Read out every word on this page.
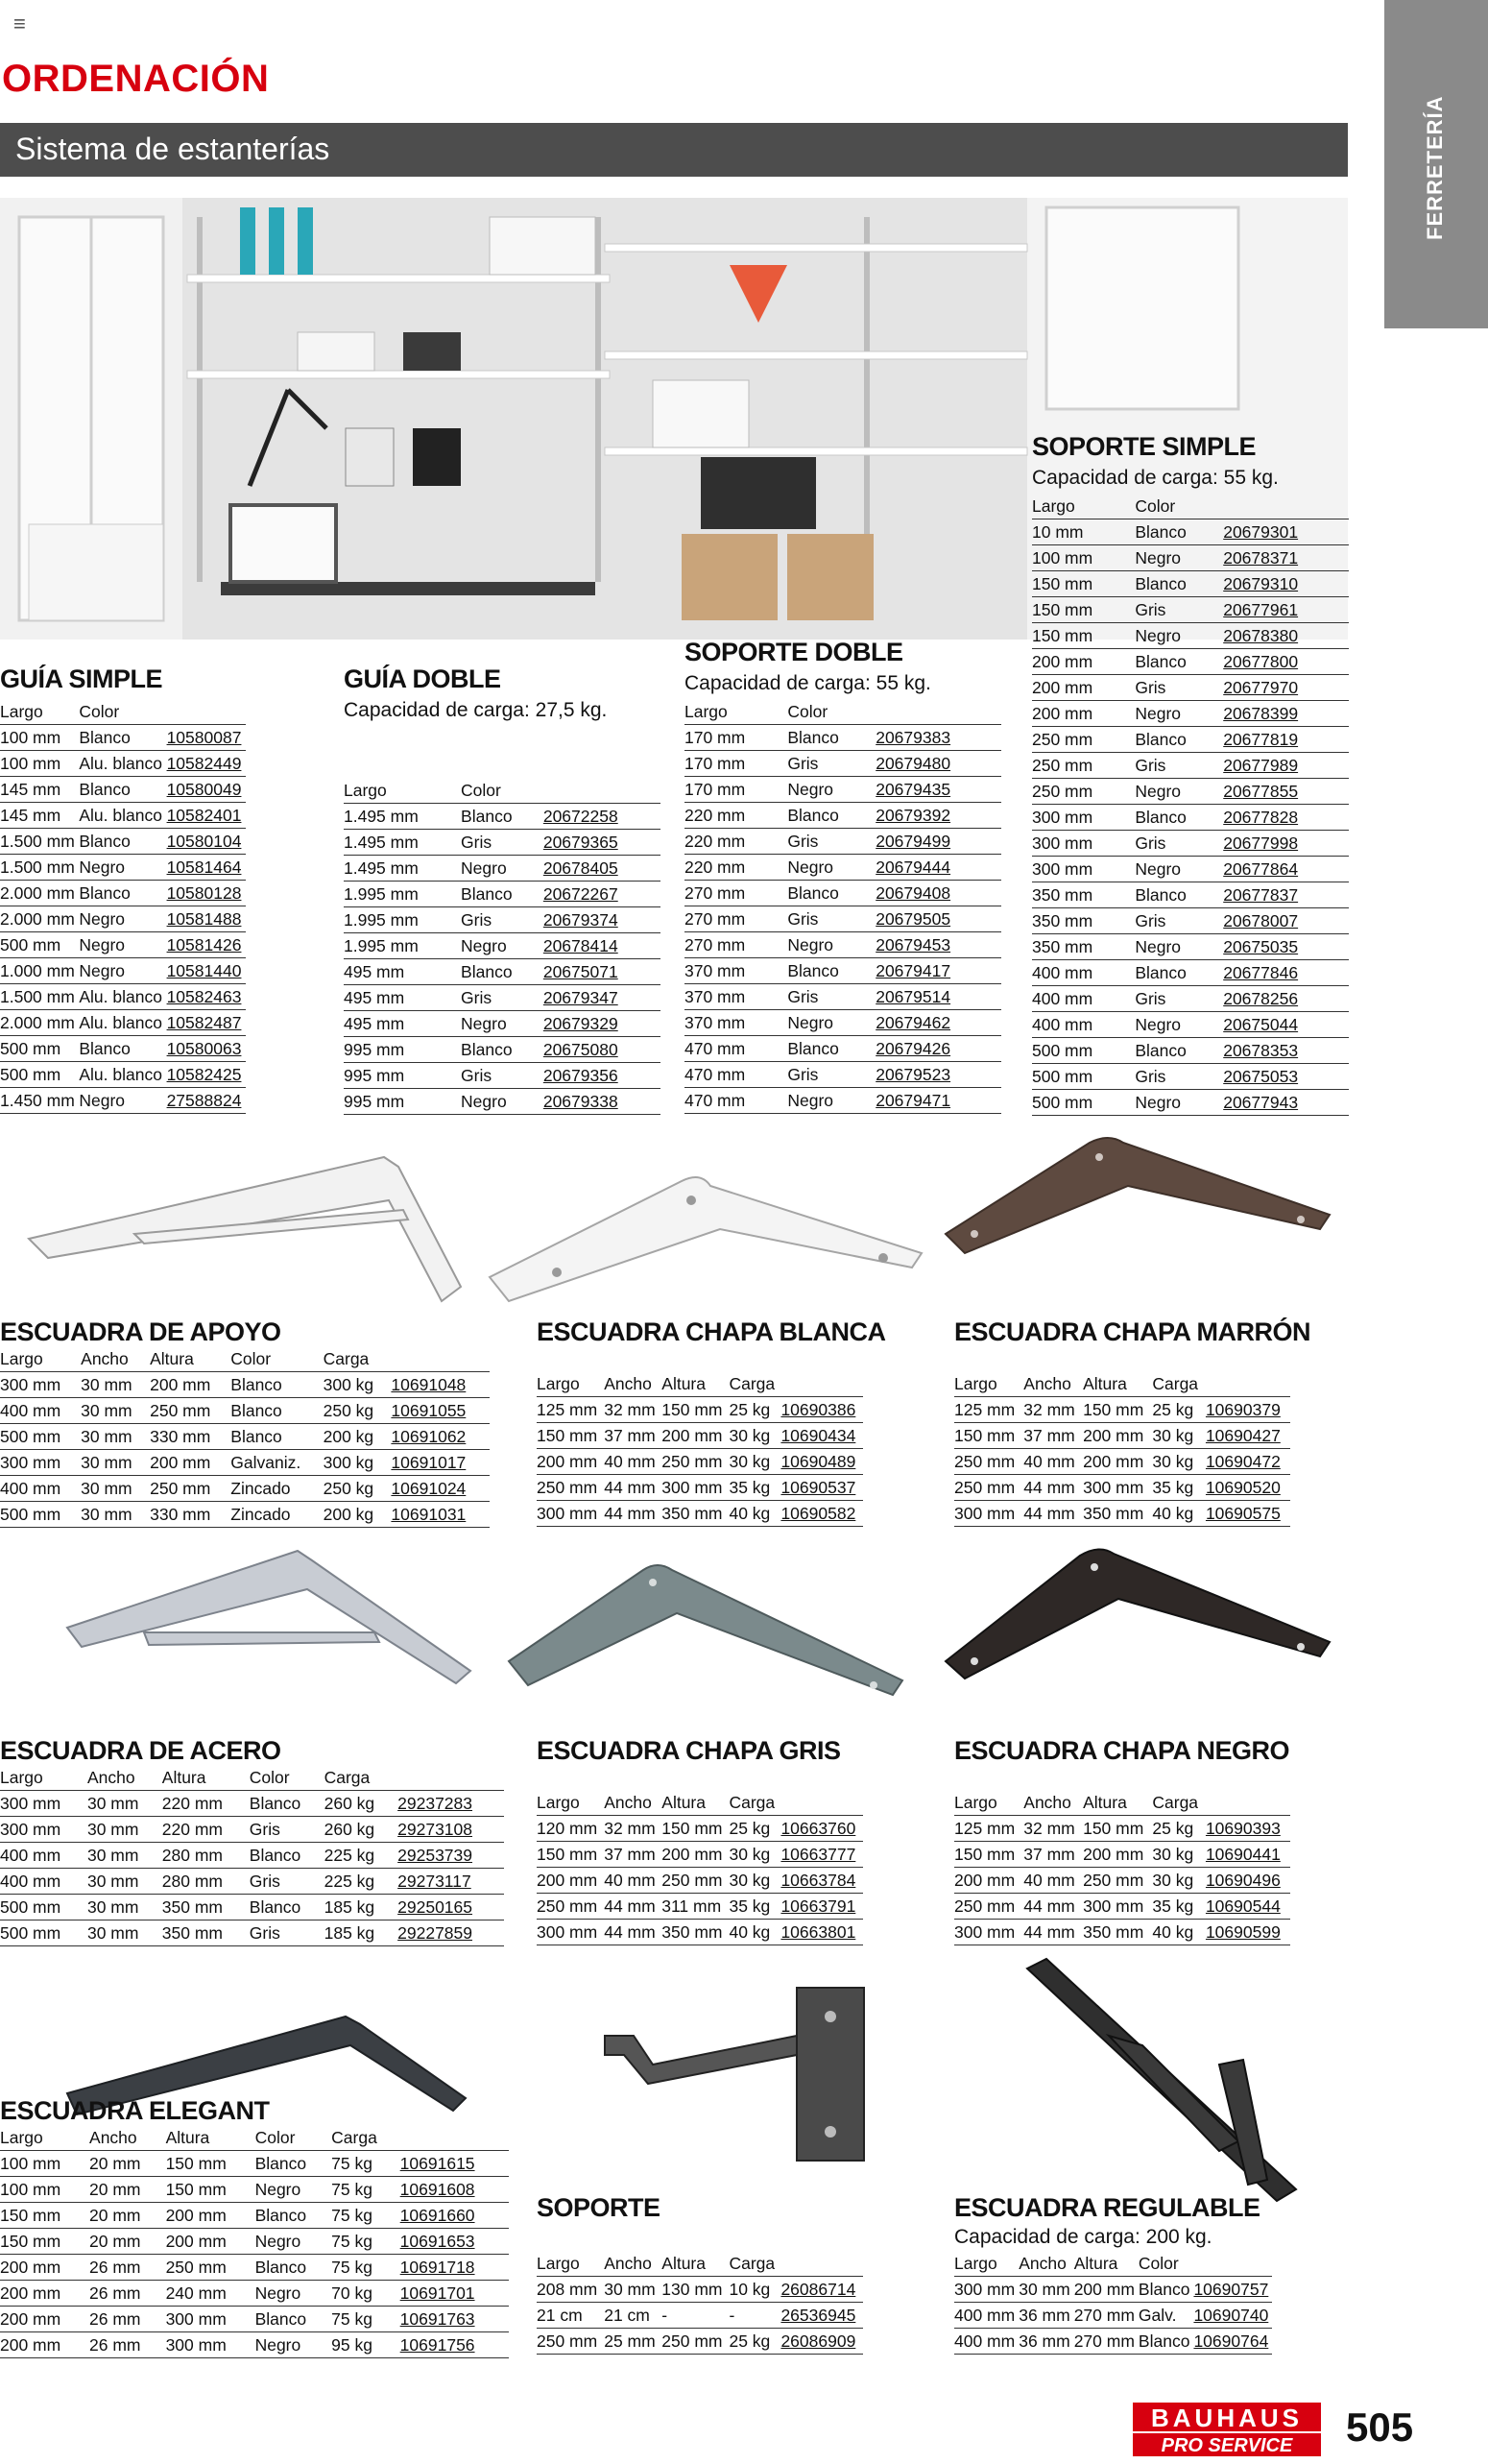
≡
ORDENACIÓN
Sistema de estanterías	FERRETERÍA
GUÍA SIMPLE
Largo	Color	
100 mm	Blanco	10580087
100 mm	Alu. blanco	10582449
145 mm	Blanco	10580049
145 mm	Alu. blanco	10582401
1.500 mm	Blanco	10580104
1.500 mm	Negro	10581464
2.000 mm	Blanco	10580128
2.000 mm	Negro	10581488
500 mm	Negro	10581426
1.000 mm	Negro	10581440
1.500 mm	Alu. blanco	10582463
2.000 mm	Alu. blanco	10582487
500 mm	Blanco	10580063
500 mm	Alu. blanco	10582425
1.450 mm	Negro	27588824
GUÍA DOBLE
Capacidad de carga: 27,5 kg.
Largo	Color	
1.495 mm	Blanco	20672258
1.495 mm	Gris	20679365
1.495 mm	Negro	20678405
1.995 mm	Blanco	20672267
1.995 mm	Gris	20679374
1.995 mm	Negro	20678414
495 mm	Blanco	20675071
495 mm	Gris	20679347
495 mm	Negro	20679329
995 mm	Blanco	20675080
995 mm	Gris	20679356
995 mm	Negro	20679338
SOPORTE DOBLE
Capacidad de carga: 55 kg.
Largo	Color	
170 mm	Blanco	20679383
170 mm	Gris	20679480
170 mm	Negro	20679435
220 mm	Blanco	20679392
220 mm	Gris	20679499
220 mm	Negro	20679444
270 mm	Blanco	20679408
270 mm	Gris	20679505
270 mm	Negro	20679453
370 mm	Blanco	20679417
370 mm	Gris	20679514
370 mm	Negro	20679462
470 mm	Blanco	20679426
470 mm	Gris	20679523
470 mm	Negro	20679471
SOPORTE SIMPLE
Capacidad de carga: 55 kg.
Largo	Color	
10 mm	Blanco	20679301
100 mm	Negro	20678371
150 mm	Blanco	20679310
150 mm	Gris	20677961
150 mm	Negro	20678380
200 mm	Blanco	20677800
200 mm	Gris	20677970
200 mm	Negro	20678399
250 mm	Blanco	20677819
250 mm	Gris	20677989
250 mm	Negro	20677855
300 mm	Blanco	20677828
300 mm	Gris	20677998
300 mm	Negro	20677864
350 mm	Blanco	20677837
350 mm	Gris	20678007
350 mm	Negro	20675035
400 mm	Blanco	20677846
400 mm	Gris	20678256
400 mm	Negro	20675044
500 mm	Blanco	20678353
500 mm	Gris	20675053
500 mm	Negro	20677943
ESCUADRA DE APOYO
Largo	Ancho	Altura	Color	Carga	
300 mm	30 mm	200 mm	Blanco	300 kg	10691048
400 mm	30 mm	250 mm	Blanco	250 kg	10691055
500 mm	30 mm	330 mm	Blanco	200 kg	10691062
300 mm	30 mm	200 mm	Galvaniz.	300 kg	10691017
400 mm	30 mm	250 mm	Zincado	250 kg	10691024
500 mm	30 mm	330 mm	Zincado	200 kg	10691031
ESCUADRA CHAPA BLANCA
Largo	Ancho	Altura	Carga	
125 mm	32 mm	150 mm	25 kg	10690386
150 mm	37 mm	200 mm	30 kg	10690434
200 mm	40 mm	250 mm	30 kg	10690489
250 mm	44 mm	300 mm	35 kg	10690537
300 mm	44 mm	350 mm	40 kg	10690582
ESCUADRA CHAPA MARRÓN
Largo	Ancho	Altura	Carga	
125 mm	32 mm	150 mm	25 kg	10690379
150 mm	37 mm	200 mm	30 kg	10690427
250 mm	40 mm	200 mm	30 kg	10690472
250 mm	44 mm	300 mm	35 kg	10690520
300 mm	44 mm	350 mm	40 kg	10690575
ESCUADRA DE ACERO
Largo	Ancho	Altura	Color	Carga	
300 mm	30 mm	220 mm	Blanco	260 kg	29237283
300 mm	30 mm	220 mm	Gris	260 kg	29273108
400 mm	30 mm	280 mm	Blanco	225 kg	29253739
400 mm	30 mm	280 mm	Gris	225 kg	29273117
500 mm	30 mm	350 mm	Blanco	185 kg	29250165
500 mm	30 mm	350 mm	Gris	185 kg	29227859
ESCUADRA CHAPA GRIS
Largo	Ancho	Altura	Carga	
120 mm	32 mm	150 mm	25 kg	10663760
150 mm	37 mm	200 mm	30 kg	10663777
200 mm	40 mm	250 mm	30 kg	10663784
250 mm	44 mm	311 mm	35 kg	10663791
300 mm	44 mm	350 mm	40 kg	10663801
ESCUADRA CHAPA NEGRO
Largo	Ancho	Altura	Carga	
125 mm	32 mm	150 mm	25 kg	10690393
150 mm	37 mm	200 mm	30 kg	10690441
200 mm	40 mm	250 mm	30 kg	10690496
250 mm	44 mm	300 mm	35 kg	10690544
300 mm	44 mm	350 mm	40 kg	10690599
ESCUADRA ELEGANT
Largo	Ancho	Altura	Color	Carga	
100 mm	20 mm	150 mm	Blanco	75 kg	10691615
100 mm	20 mm	150 mm	Negro	75 kg	10691608
150 mm	20 mm	200 mm	Blanco	75 kg	10691660
150 mm	20 mm	200 mm	Negro	75 kg	10691653
200 mm	26 mm	250 mm	Blanco	75 kg	10691718
200 mm	26 mm	240 mm	Negro	70 kg	10691701
200 mm	26 mm	300 mm	Blanco	75 kg	10691763
200 mm	26 mm	300 mm	Negro	95 kg	10691756
SOPORTE
Largo	Ancho	Altura	Carga	
208 mm	30 mm	130 mm	10 kg	26086714
21 cm	21 cm	-	-	26536945
250 mm	25 mm	250 mm	25 kg	26086909
ESCUADRA REGULABLE
Capacidad de carga: 200 kg.
Largo	Ancho	Altura	Color	
300 mm	30 mm	200 mm	Blanco	10690757
400 mm	36 mm	270 mm	Galv.	10690740
400 mm	36 mm	270 mm	Blanco	10690764
BAUHAUS
PRO SERVICE 505
